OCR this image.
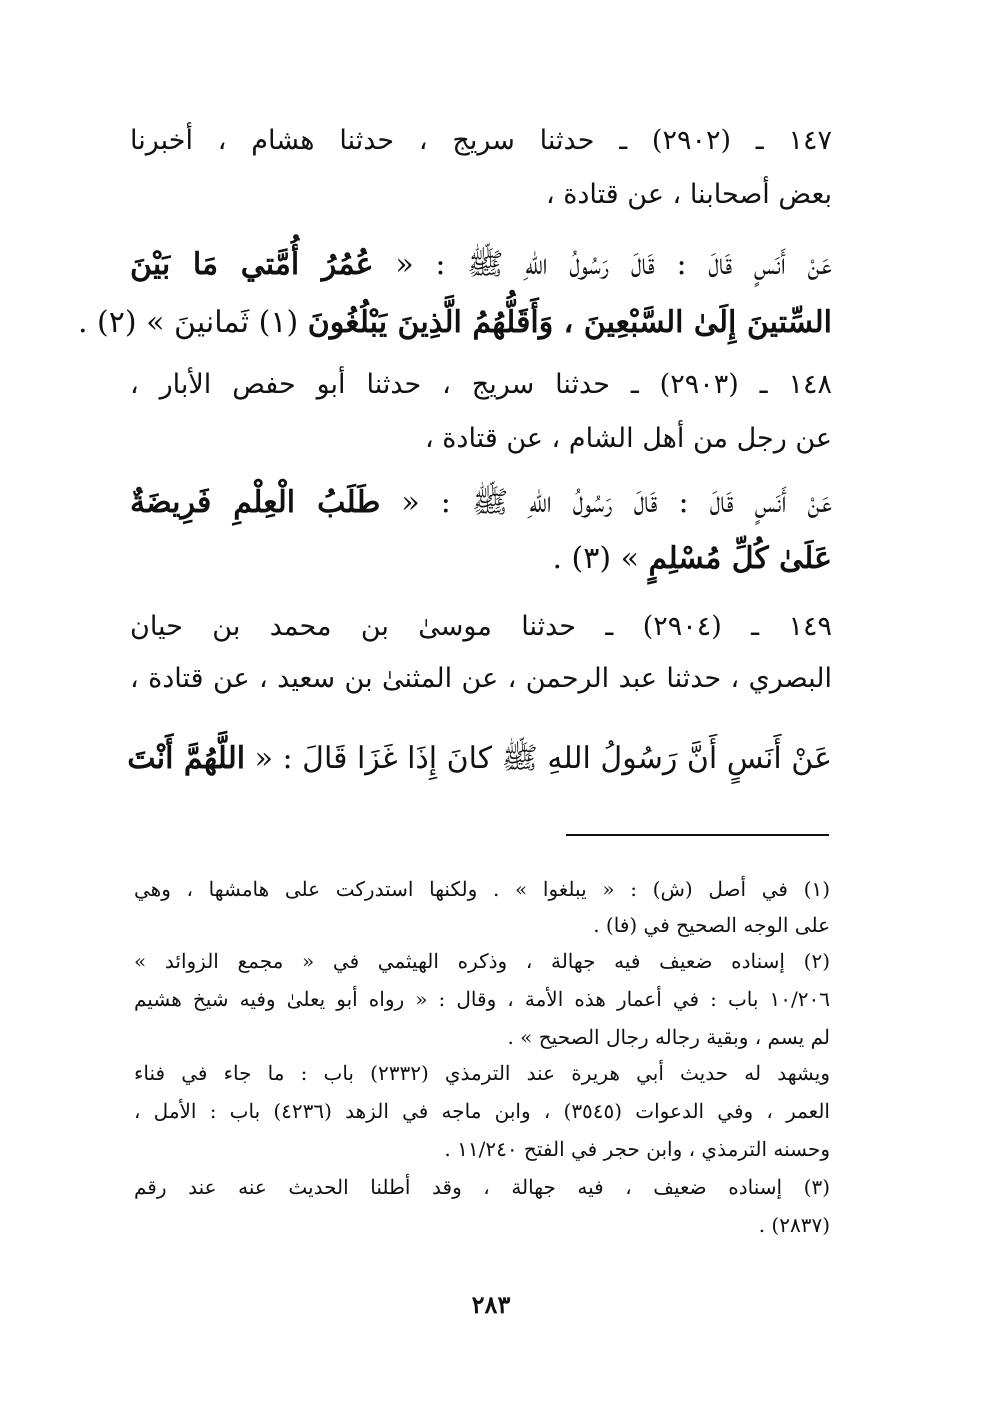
١٤٧ ـ (٢٩٠٢) ـ حدثنا سريج ، حدثنا هشام ، أخبرنا
بعض أصحابنا ، عن قتادة ،
عَنْ أَنَسٍ قَالَ : قَالَ رَسُولُ اللهِ ﷺ : « عُمُرُ أُمَّتي مَا بَيْنَ
السِّتينَ إِلَىٰ السَّبْعِينَ ، وَأَقَلُّهُمُ الَّذِينَ يَبْلُغُونَ (١) ثَمانينَ » (٢) .
١٤٨ ـ (٢٩٠٣) ـ حدثنا سريج ، حدثنا أبو حفص الأبار ،
عن رجل من أهل الشام ، عن قتادة ،
عَنْ أَنَسٍ قَالَ : قَالَ رَسُولُ اللهِ ﷺ : « طَلَبُ الْعِلْمِ فَرِيضَةٌ
عَلَىٰ كُلِّ مُسْلِمٍ » (٣) .
١٤٩ ـ (٢٩٠٤) ـ حدثنا موسىٰ بن محمد بن حيان
البصري ، حدثنا عبد الرحمن ، عن المثنىٰ بن سعيد ، عن قتادة ،
عَنْ أَنَسٍ أَنَّ رَسُولُ اللهِ ﷺ كانَ إِذَا غَزَا قَالَ : « اللَّهُمَّ أَنْتَ
(١) في أصل (ش) : « يبلغوا » . ولكنها استدركت على هامشها ، وهي
على الوجه الصحيح في (فا) .
(٢) إسناده ضعيف فيه جهالة ، وذكره الهيثمي في « مجمع الزوائد »
١٠/٢٠٦ باب : في أعمار هذه الأمة ، وقال : « رواه أبو يعلىٰ وفيه شيخ هشيم
لم يسم ، وبقية رجاله رجال الصحيح » .
ويشهد له حديث أبي هريرة عند الترمذي (٢٣٣٢) باب : ما جاء في فناء
العمر ، وفي الدعوات (٣٥٤٥) ، وابن ماجه في الزهد (٤٢٣٦) باب : الأمل ،
وحسنه الترمذي ، وابن حجر في الفتح ١١/٢٤٠ .
(٣) إسناده ضعيف ، فيه جهالة ، وقد أطلنا الحديث عنه عند رقم
(٢٨٣٧) .
٢٨٣
